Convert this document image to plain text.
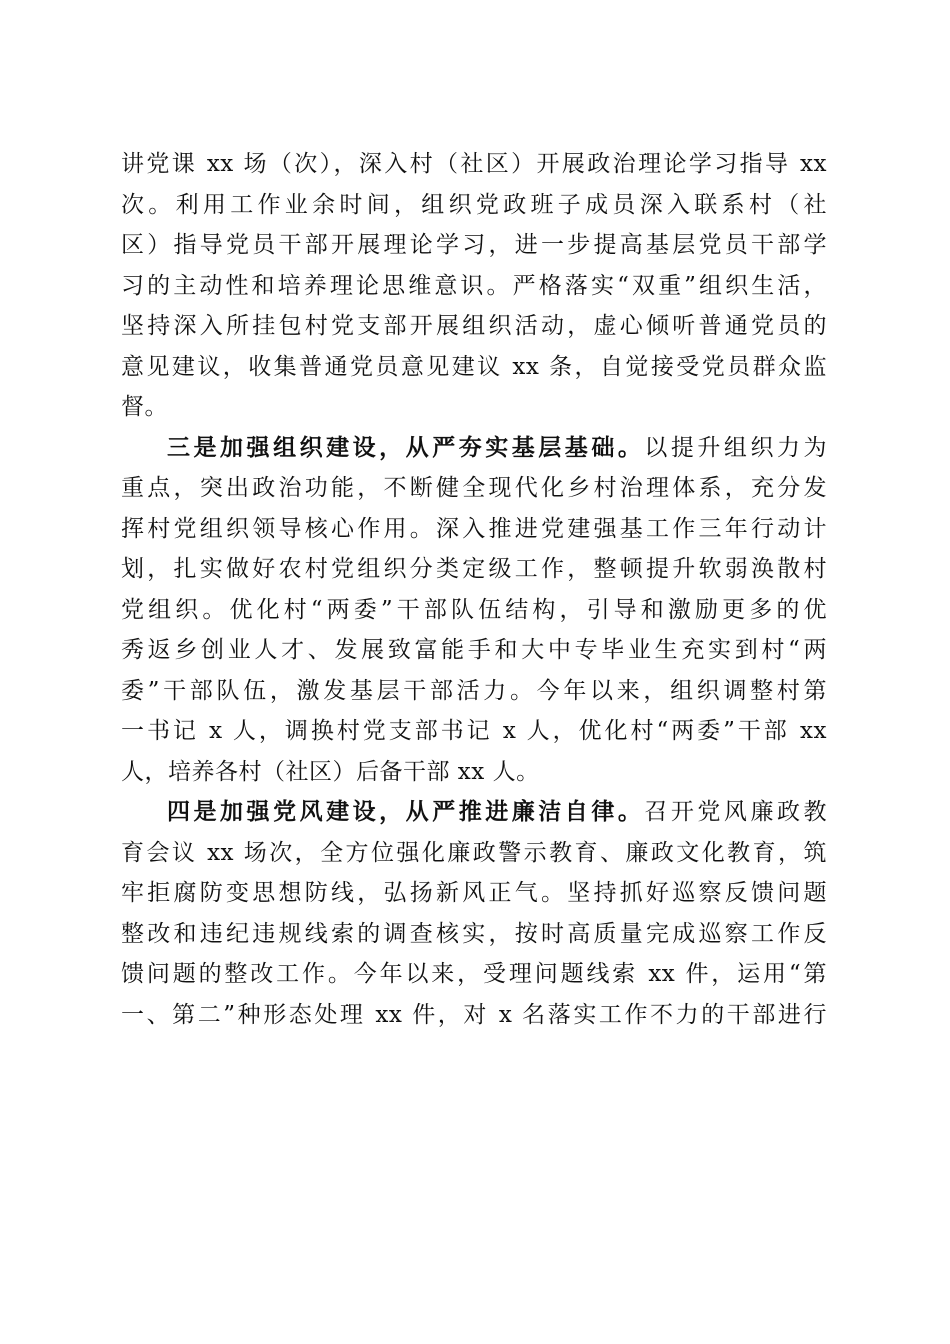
讲党课 xx 场（次），深入村（社区）开展政治理论学习指导 xx
次。利用工作业余时间，组织党政班子成员深入联系村（社
区）指导党员干部开展理论学习，进一步提高基层党员干部学
习的主动性和培养理论思维意识。严格落实“双重”组织生活，
坚持深入所挂包村党支部开展组织活动，虚心倾听普通党员的
意见建议，收集普通党员意见建议 xx 条，自觉接受党员群众监
督。
三是加强组织建设，从严夯实基层基础。以提升组织力为
重点，突出政治功能，不断健全现代化乡村治理体系，充分发
挥村党组织领导核心作用。深入推进党建强基工作三年行动计
划，扎实做好农村党组织分类定级工作，整顿提升软弱涣散村
党组织。优化村“两委”干部队伍结构，引导和激励更多的优
秀返乡创业人才、发展致富能手和大中专毕业生充实到村“两
委”干部队伍，激发基层干部活力。今年以来，组织调整村第
一书记 x 人，调换村党支部书记 x 人，优化村“两委”干部 xx
人，培养各村（社区）后备干部 xx 人。
四是加强党风建设，从严推进廉洁自律。召开党风廉政教
育会议 xx 场次，全方位强化廉政警示教育、廉政文化教育，筑
牢拒腐防变思想防线，弘扬新风正气。坚持抓好巡察反馈问题
整改和违纪违规线索的调查核实，按时高质量完成巡察工作反
馈问题的整改工作。今年以来，受理问题线索 xx 件，运用“第
一、第二”种形态处理 xx 件，对 x 名落实工作不力的干部进行
